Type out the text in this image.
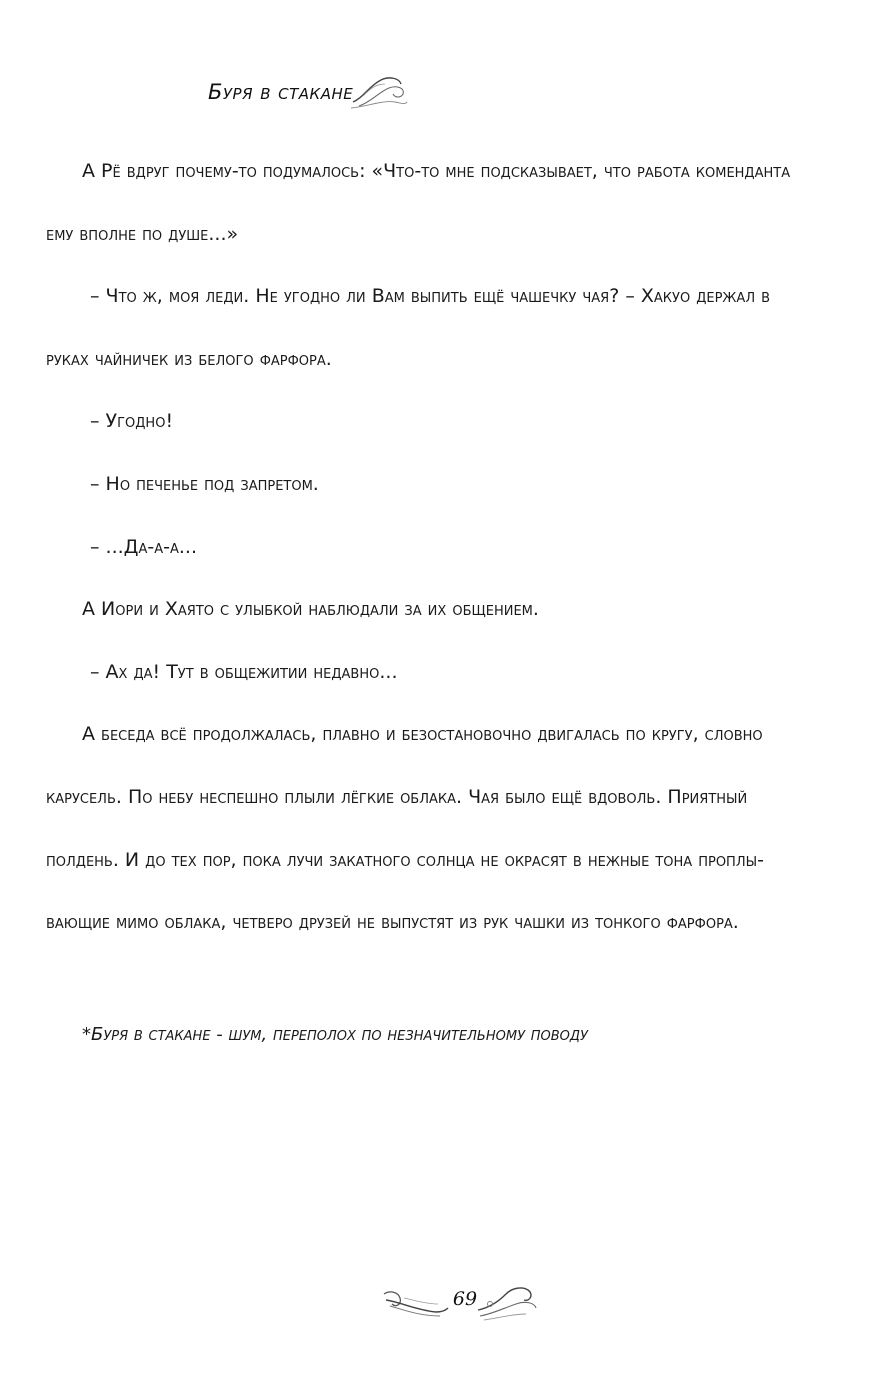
Буря в стакане
А Рё вдруг почему-то подумалось: «Что-то мне подсказывает, что работа коменданта
ему вполне по душе...»
– Что ж, моя леди. Не угодно ли Вам выпить ещё чашечку чая? – Хакуо держал в
руках чайничек из белого фарфора.
– Угодно!
– Но печенье под запретом.
– ...Да-а-а...
А Иори и Хаято с улыбкой наблюдали за их общением.
– Ах да! Тут в общежитии недавно...
А беседа всё продолжалась, плавно и безостановочно двигалась по кругу, словно
карусель. По небу неспешно плыли лёгкие облака. Чая было ещё вдоволь. Приятный
полдень. И до тех пор, пока лучи закатного солнца не окрасят в нежные тона проплы-
вающие мимо облака, четверо друзей не выпустят из рук чашки из тонкого фарфора.
*Буря в стакане - шум, переполох по незначительному поводу
69
